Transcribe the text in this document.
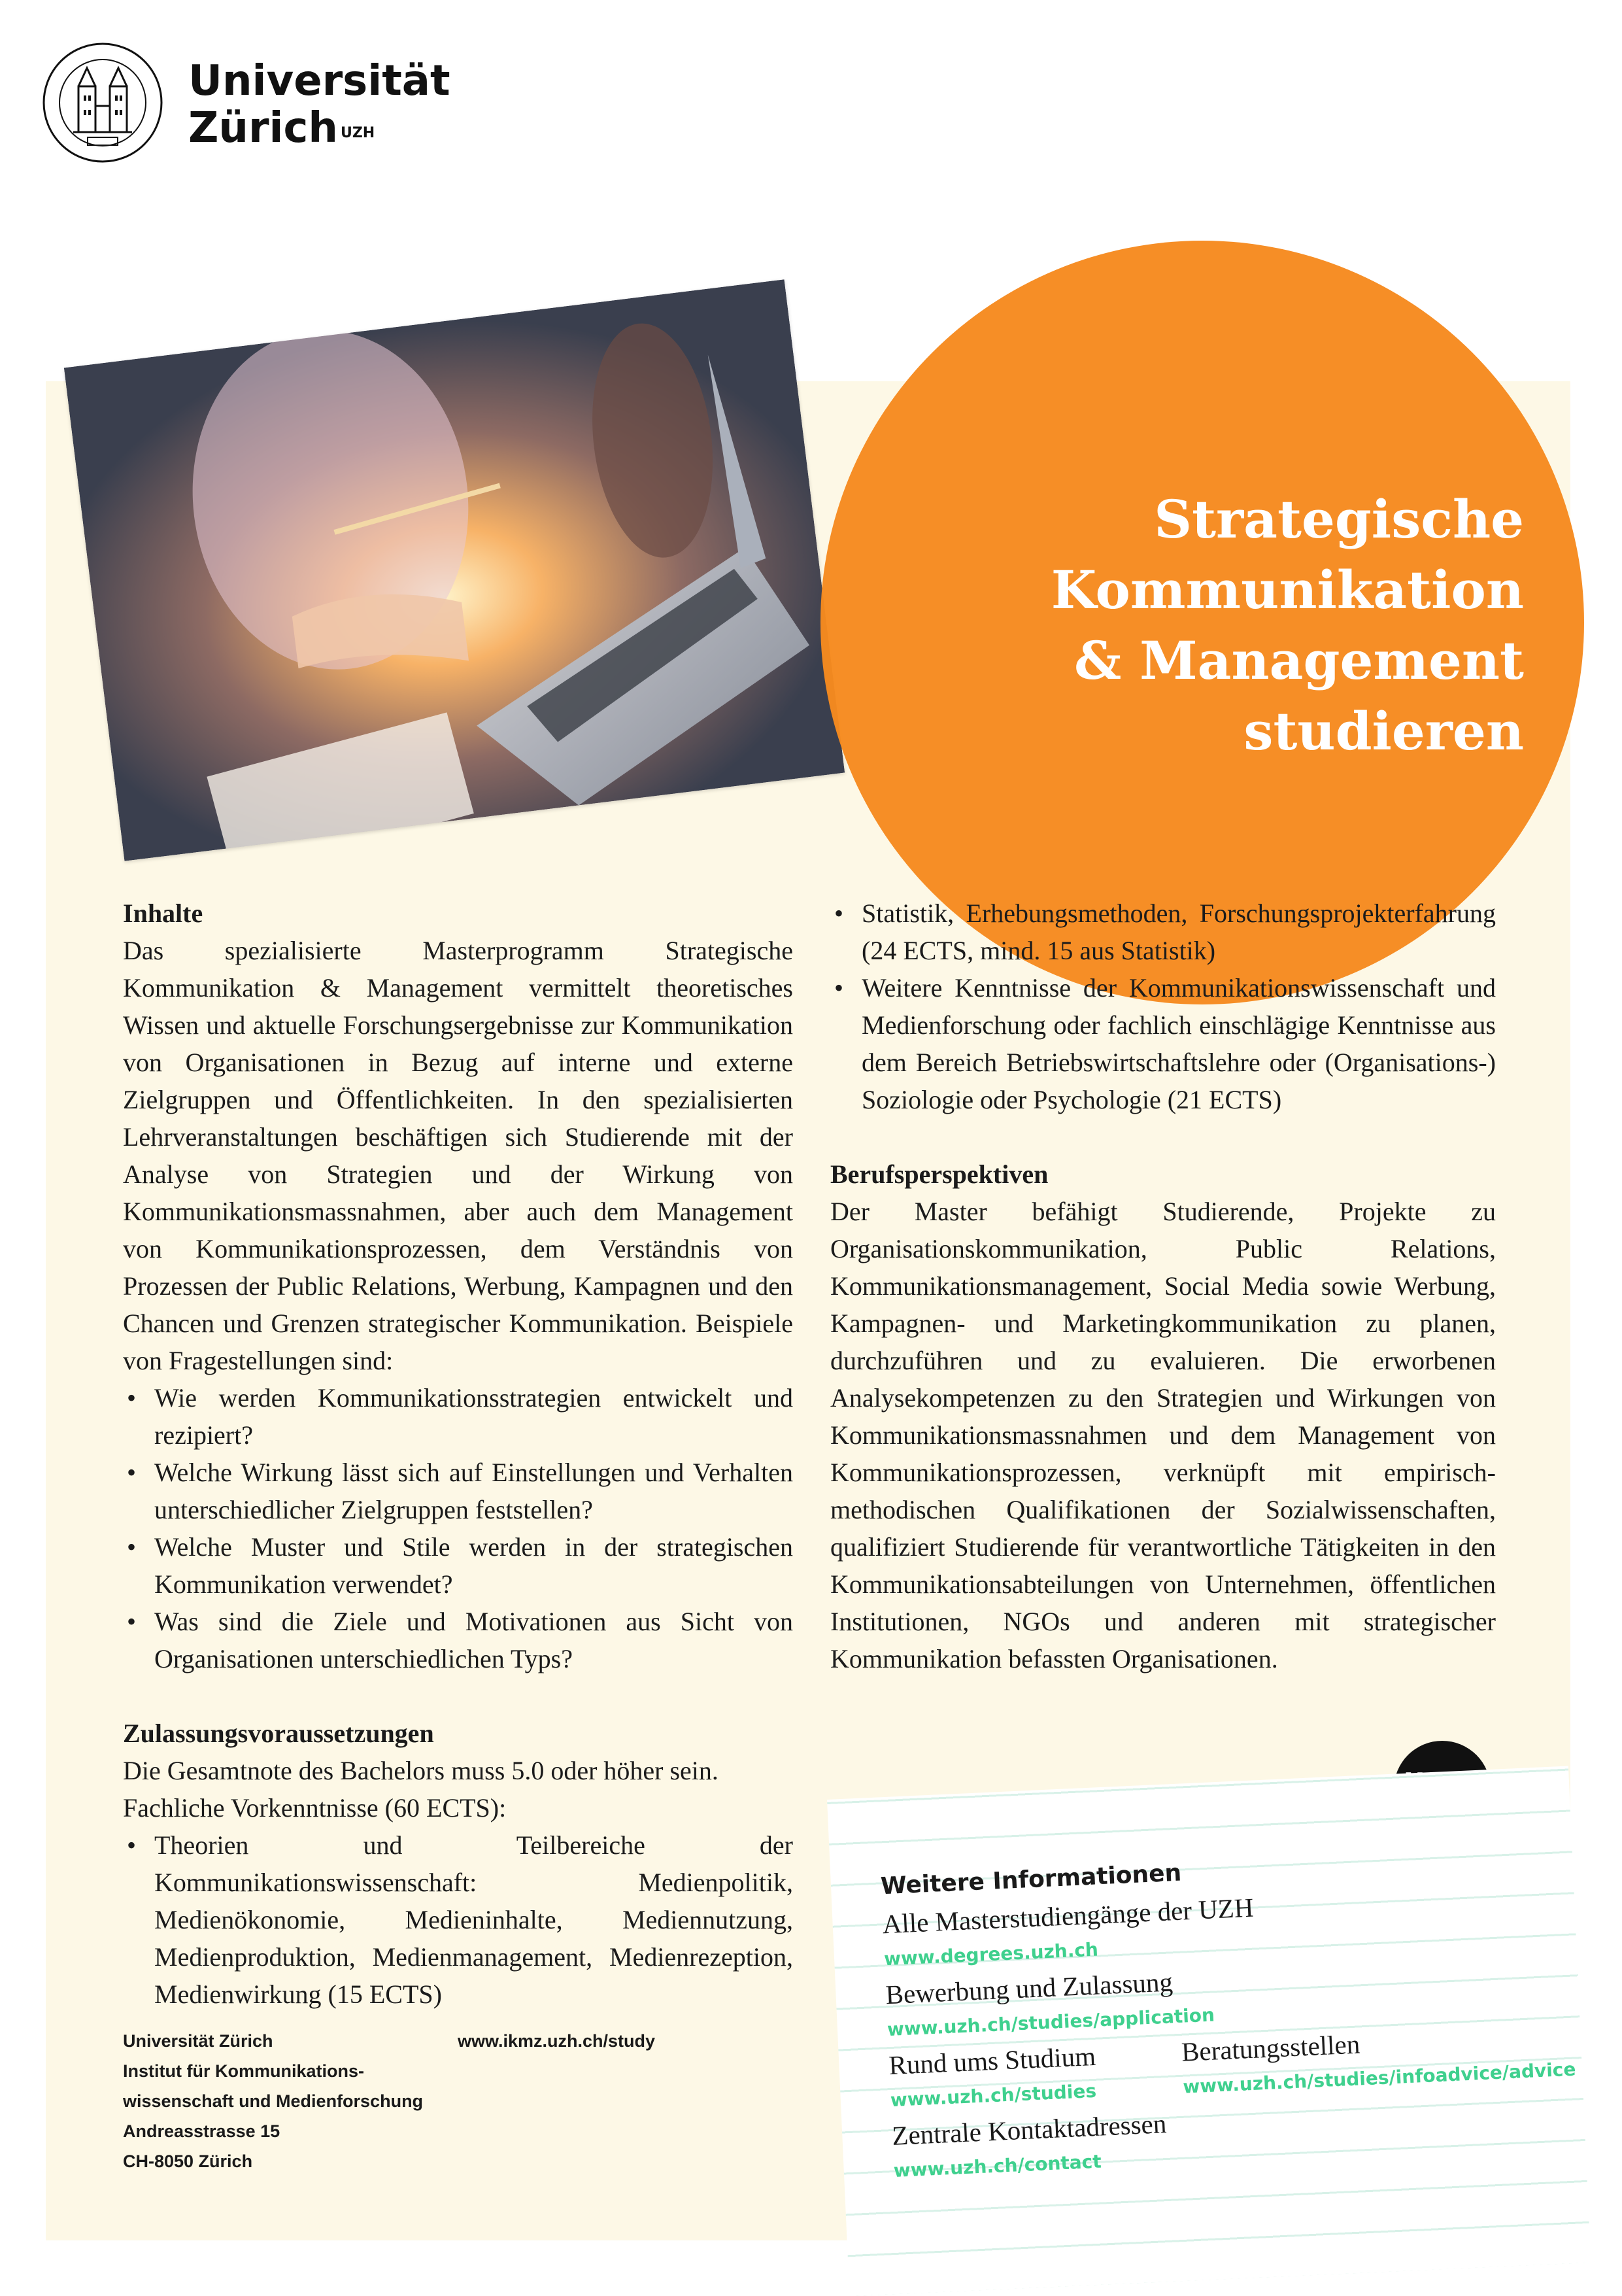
Universität
Zürich $^{UZH}$
Strategische
Kommunikation
& Management
studieren

Inhalte

Das spezialisierte Masterprogramm Strategische Kommunikation & Management vermittelt theoretisches Wissen und aktuelle Forschungsergebnisse zur Kommunikation von Organisationen in Bezug auf interne und externe Zielgruppen und Öffentlichkeiten. In den spezialisierten Lehrveranstaltungen beschäftigen sich Studierende mit der Analyse von Strategien und der Wirkung von Kommunikationsmassnahmen, aber auch dem Management von Kommunikationsprozessen, dem Verständnis von Prozessen der Public Relations, Werbung, Kampagnen und den Chancen und Grenzen strategischer Kommunikation. Beispiele von Fragestellungen sind:

• Wie werden Kommunikationsstrategien entwickelt und rezipiert?
• Welche Wirkung lässt sich auf Einstellungen und Verhalten unterschiedlicher Zielgruppen feststellen?
• Welche Muster und Stile werden in der strategischen Kommunikation verwendet?
• Was sind die Ziele und Motivationen aus Sicht von Organisationen unterschiedlichen Typs?

Zulassungsvoraussetzungen

Die Gesamtnote des Bachelors muss 5.0 oder höher sein.

Fachliche Vorkenntnisse (60 ECTS):

• Theorien und Teilbereiche der Kommunikationswissenschaft: Medienpolitik, Medienökonomie, Medieninhalte, Mediennutzung, Medienproduktion, Medienmanagement, Medienrezeption, Medienwirkung (15 ECTS)
• Statistik, Erhebungsmethoden, Forschungsprojekterfahrung (24 ECTS, mind. 15 aus Statistik)
• Weitere Kenntnisse der Kommunikationswissenschaft und Medienforschung oder fachlich einschlägige Kenntnisse aus dem Bereich Betriebswirtschaftslehre oder (Organisations-) Soziologie oder Psychologie (21 ECTS)

Berufsperspektiven

Der Master befähigt Studierende, Projekte zu Organisationskommunikation, Public Relations, Kommunikationsmanagement, Social Media sowie Werbung, Kampagnen- und Marketingkommunikation zu planen, durchzuführen und zu evaluieren. Die erworbenen Analysekompetenzen zu den Strategien und Wirkungen von Kommunikationsmassnahmen und dem Management von Kommunikationsprozessen, verknüpft mit empirisch-methodischen Qualifikationen der Sozialwissenschaften, qualifiziert Studierende für verantwortliche Tätigkeiten in den Kommunikationsabteilungen von Unternehmen, öffentlichen Institutionen, NGOs und anderen mit strategischer Kommunikation befassten Organisationen.

Universität Zürich
Institut für Kommunikations-
wissenschaft und Medienforschung
Andreasstrasse 15
CH-8050 Zürich
www.ikmz.uzh.ch/study
Weitere Informationen
Alle Masterstudiengänge der UZH
www.degrees.uzh.ch
Bewerbung und Zulassung
www.uzh.ch/studies/application
Rund ums Studium
www.uzh.ch/studies
Zentrale Kontaktadressen
www.uzh.ch/contact
Beratungsstellen
www.uzh.ch/studies/infoadvice/advice
